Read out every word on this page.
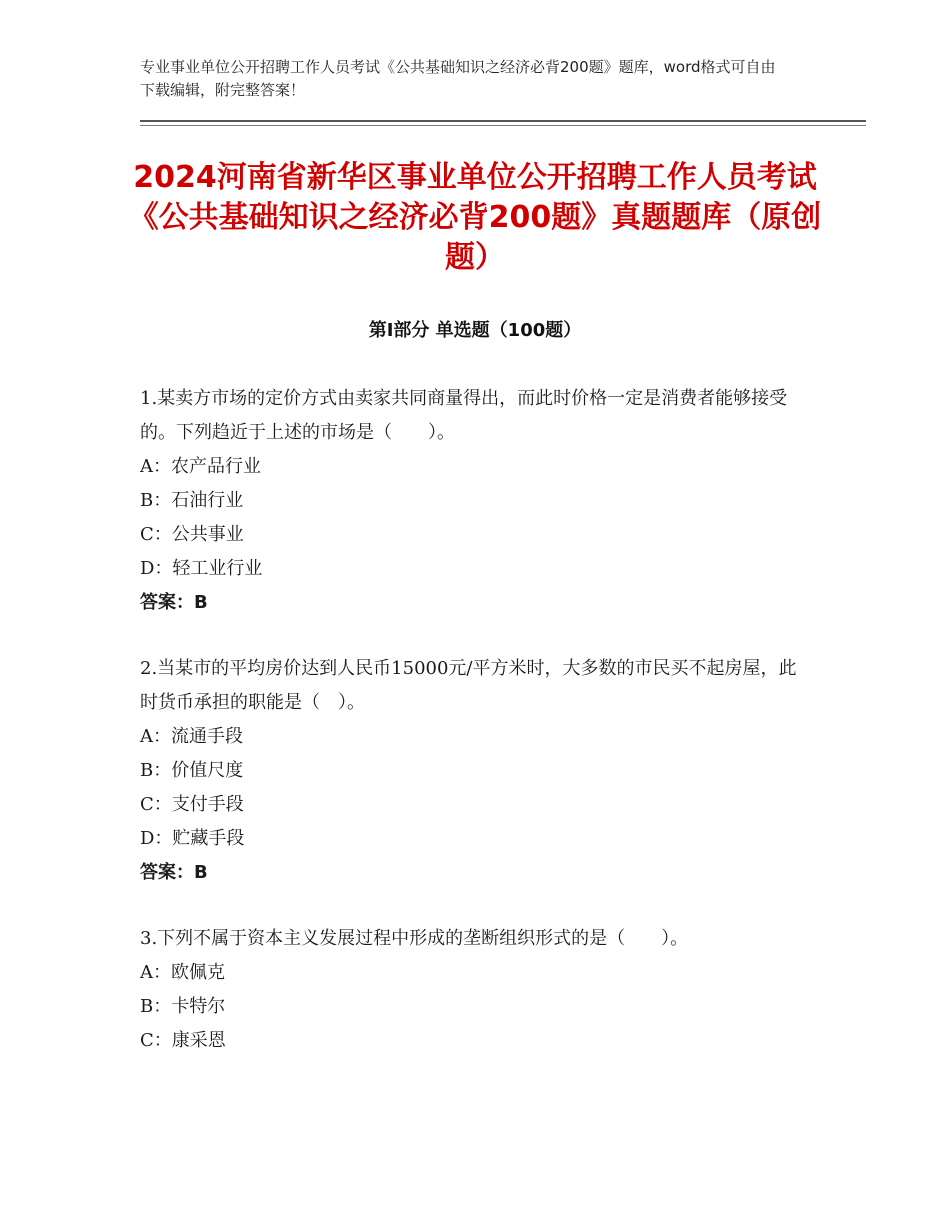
专业事业单位公开招聘工作人员考试《公共基础知识之经济必背200题》题库，word格式可自由下载编辑，附完整答案！
2024河南省新华区事业单位公开招聘工作人员考试《公共基础知识之经济必背200题》真题题库（原创题）
第Ⅰ部分 单选题（100题）

1.某卖方市场的定价方式由卖家共同商量得出，而此时价格一定是消费者能够接受的。下列趋近于上述的市场是（　　）。

A：农产品行业

B：石油行业

C：公共事业

D：轻工业行业

答案：B

2.当某市的平均房价达到人民币15000元/平方米时，大多数的市民买不起房屋，此时货币承担的职能是（　）。

A：流通手段

B：价值尺度

C：支付手段

D：贮藏手段

答案：B

3.下列不属于资本主义发展过程中形成的垄断组织形式的是（　　）。

A：欧佩克

B：卡特尔

C：康采恩
